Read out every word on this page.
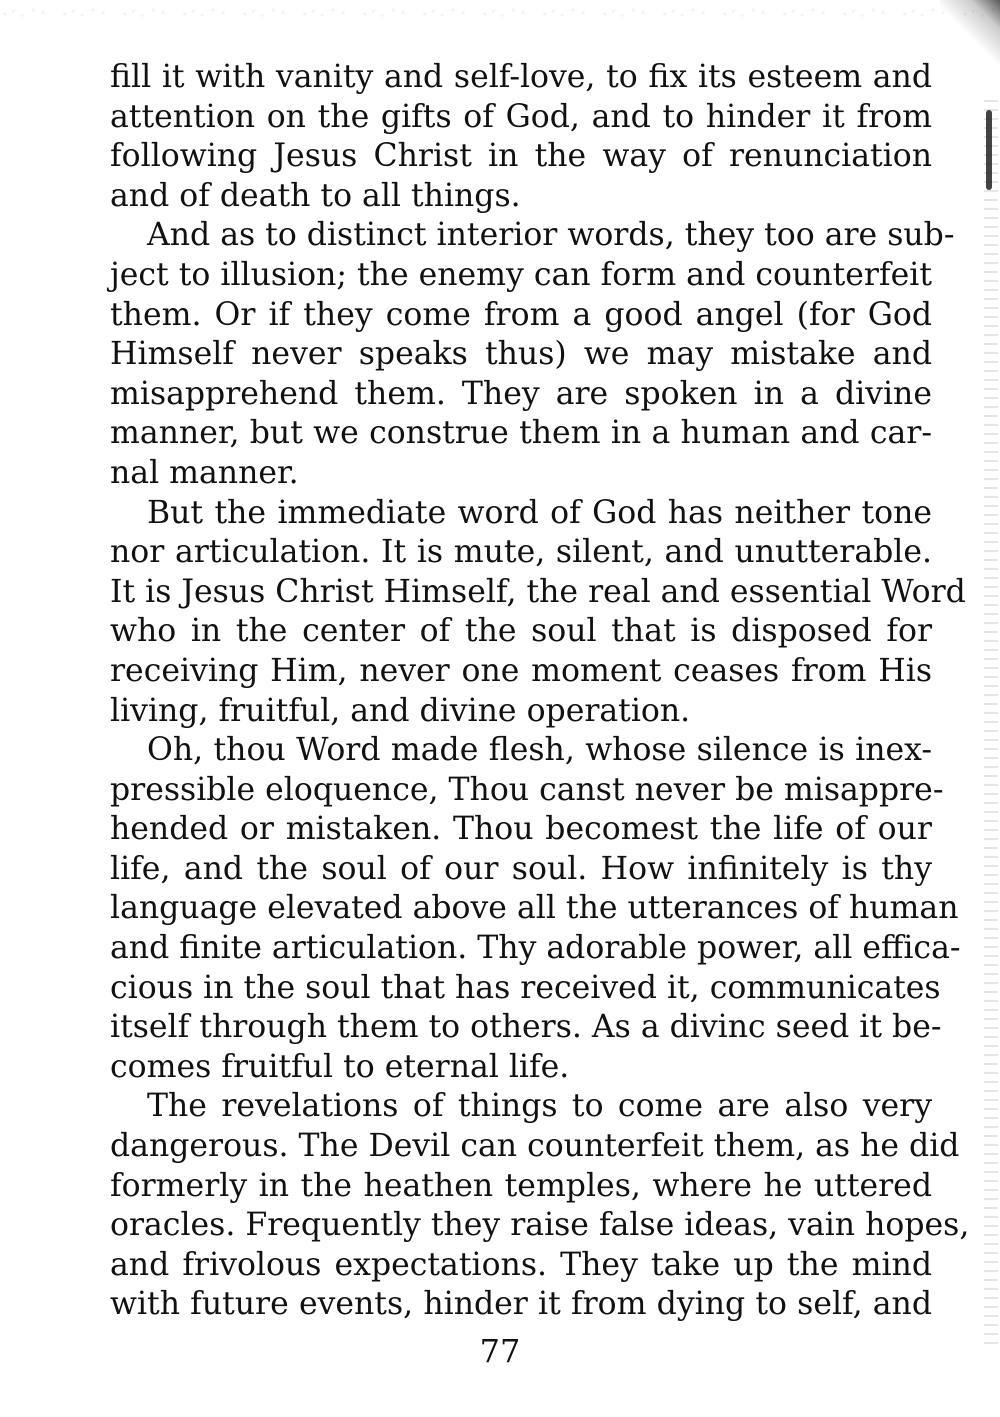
fill it with vanity and self-love, to fix its esteem and
attention on the gifts of God, and to hinder it from
following Jesus Christ in the way of renunciation
and of death to all things.
And as to distinct interior words, they too are sub-
ject to illusion; the enemy can form and counterfeit
them. Or if they come from a good angel (for God
Himself never speaks thus) we may mistake and
misapprehend them. They are spoken in a divine
manner, but we construe them in a human and car-
nal manner.
But the immediate word of God has neither tone
nor articulation. It is mute, silent, and unutterable.
It is Jesus Christ Himself, the real and essential Word
who in the center of the soul that is disposed for
receiving Him, never one moment ceases from His
living, fruitful, and divine operation.
Oh, thou Word made flesh, whose silence is inex-
pressible eloquence, Thou canst never be misappre-
hended or mistaken. Thou becomest the life of our
life, and the soul of our soul. How infinitely is thy
language elevated above all the utterances of human
and finite articulation. Thy adorable power, all effica-
cious in the soul that has received it, communicates
itself through them to others. As a divinc seed it be-
comes fruitful to eternal life.
The revelations of things to come are also very
dangerous. The Devil can counterfeit them, as he did
formerly in the heathen temples, where he uttered
oracles. Frequently they raise false ideas, vain hopes,
and frivolous expectations. They take up the mind
with future events, hinder it from dying to self, and
77
